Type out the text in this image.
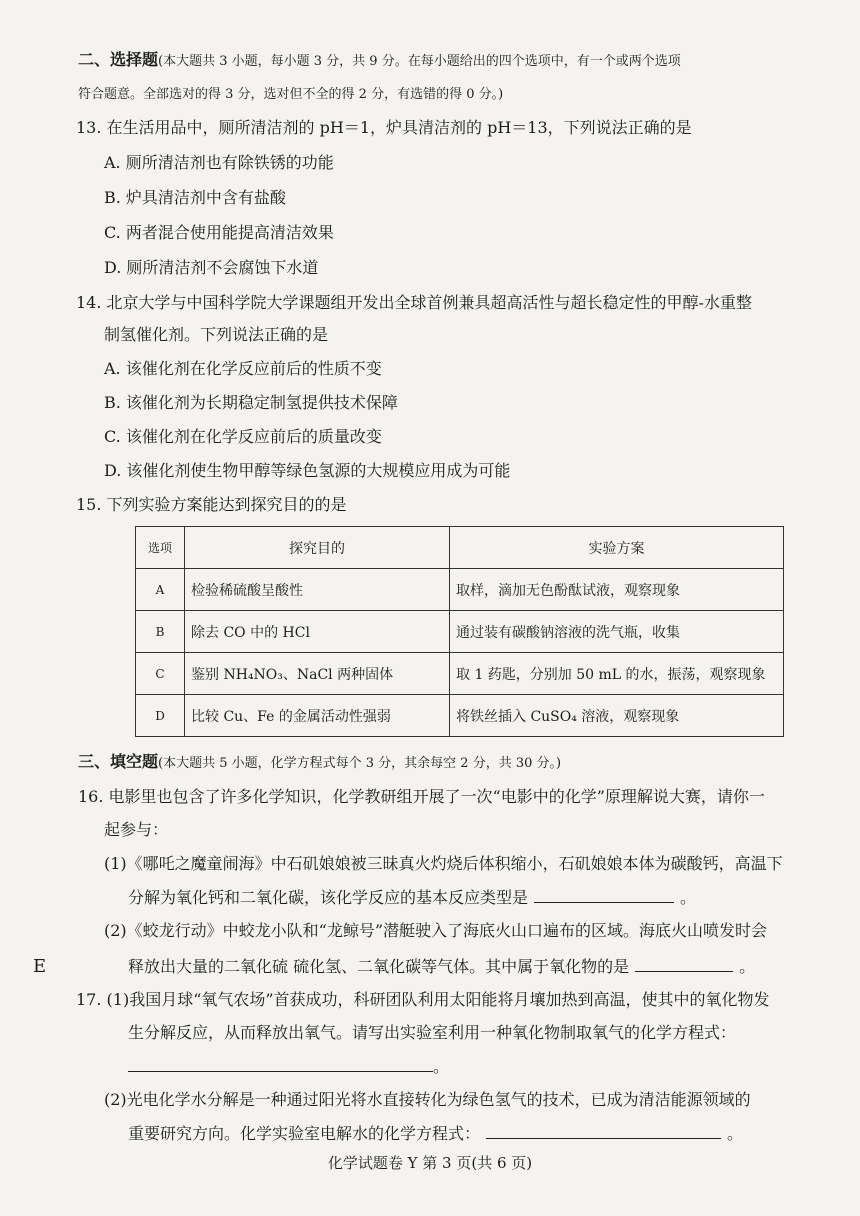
二、选择题(本大题共 3 小题，每小题 3 分，共 9 分。在每小题给出的四个选项中，有一个或两个选项
符合题意。全部选对的得 3 分，选对但不全的得 2 分，有选错的得 0 分。)
13. 在生活用品中，厕所清洁剂的 pH＝1，炉具清洁剂的 pH＝13，下列说法正确的是
A. 厕所清洁剂也有除铁锈的功能
B. 炉具清洁剂中含有盐酸
C. 两者混合使用能提高清洁效果
D. 厕所清洁剂不会腐蚀下水道
14. 北京大学与中国科学院大学课题组开发出全球首例兼具超高活性与超长稳定性的甲醇-水重整
制氢催化剂。下列说法正确的是
A. 该催化剂在化学反应前后的性质不变
B. 该催化剂为长期稳定制氢提供技术保障
C. 该催化剂在化学反应前后的质量改变
D. 该催化剂使生物甲醇等绿色氢源的大规模应用成为可能
15. 下列实验方案能达到探究目的的是
选项	探究目的	实验方案
A	检验稀硫酸呈酸性	取样，滴加无色酚酞试液，观察现象
B	除去 CO 中的 HCl	通过装有碳酸钠溶液的洗气瓶，收集
C	鉴别 NH₄NO₃、NaCl 两种固体	取 1 药匙，分别加 50 mL 的水，振荡，观察现象
D	比较 Cu、Fe 的金属活动性强弱	将铁丝插入 CuSO₄ 溶液，观察现象
三、填空题(本大题共 5 小题，化学方程式每个 3 分，其余每空 2 分，共 30 分。)
16. 电影里也包含了许多化学知识，化学教研组开展了一次“电影中的化学”原理解说大赛，请你一
起参与：
(1)《哪吒之魔童闹海》中石矶娘娘被三昧真火灼烧后体积缩小，石矶娘娘本体为碳酸钙，高温下
分解为氧化钙和二氧化碳，该化学反应的基本反应类型是	。
(2)《蛟龙行动》中蛟龙小队和“龙鲸号”潜艇驶入了海底火山口遍布的区域。海底火山喷发时会
释放出大量的二氧化硫 硫化氢、二氧化碳等气体。其中属于氧化物的是	。
E
17. (1)我国月球“氧气农场”首获成功，科研团队利用太阳能将月壤加热到高温，使其中的氧化物发
生分解反应，从而释放出氧气。请写出实验室利用一种氧化物制取氧气的化学方程式：
。
(2)光电化学水分解是一种通过阳光将水直接转化为绿色氢气的技术，已成为清洁能源领域的
重要研究方向。化学实验室电解水的化学方程式：	。
化学试题卷 Y 第 3 页(共 6 页)
